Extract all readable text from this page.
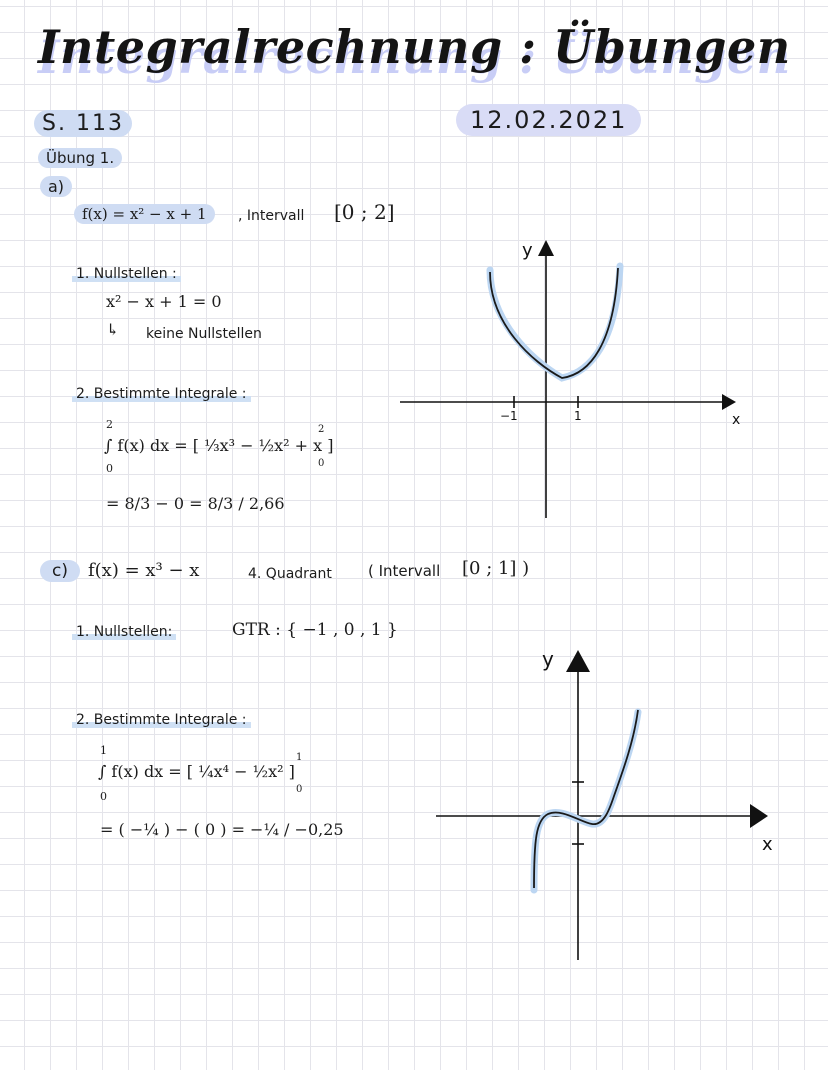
Integralrechnung : Übungen
S. 113	12.02.2021
Übung 1.
a)
f(x) = x² − x + 1	, Intervall [0 ; 2]
1. Nullstellen :
x² − x + 1 = 0
↳ keine Nullstellen
2. Bestimmte Integrale :
2
∫ f(x) dx = [ ⅓x³ − ½x² + x ]
0
2
0
= 8/3 − 0 = 8/3 / 2,66
−1	1
y
x
c)	f(x) = x³ − x	4. Quadrant ( Intervall [0 ; 1] )
1. Nullstellen:	GTR : { −1 , 0 , 1 }
2. Bestimmte Integrale :
1
∫ f(x) dx = [ ¼x⁴ − ½x² ]
0
1
0
= ( −¼ ) − ( 0 ) = −¼ / −0,25
y
x
